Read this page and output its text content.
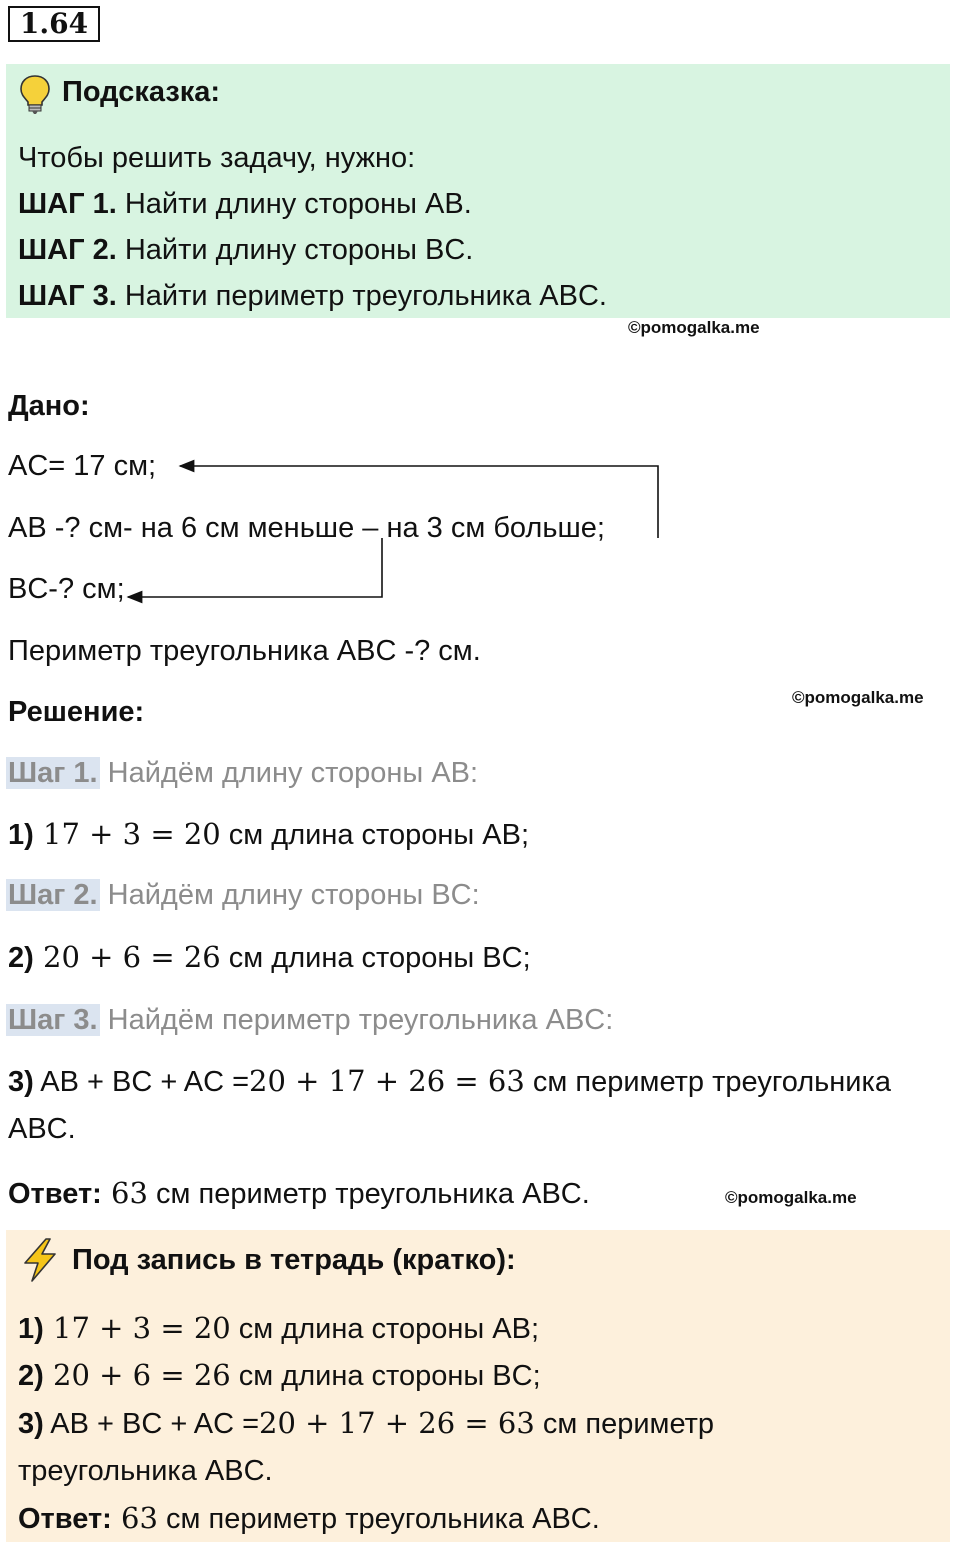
1.64
Подсказка:
Чтобы решить задачу, нужно:
ШАГ 1. Найти длину стороны AB.
ШАГ 2. Найти длину стороны BC.
ШАГ 3. Найти периметр треугольника ABC.
©pomogalka.me
Дано:
AC= 17 см;
AB -? см- на 6 см меньше – на 3 см больше;
BC-? см;
Периметр треугольника ABC -? см.
Решение:	©pomogalka.me
Шаг 1. Найдём длину стороны AB:
1) 17 + 3 = 20 см длина стороны AB;
Шаг 2. Найдём длину стороны BC:
2) 20 + 6 = 26 см длина стороны BC;
Шаг 3. Найдём периметр треугольника ABC:
3) AB + BC + AC =20 + 17 + 26 = 63 см периметр треугольника
ABC.
Ответ: 63 см периметр треугольника ABC.	©pomogalka.me
Под запись в тетрадь (кратко):
1) 17 + 3 = 20 см длина стороны AB;
2) 20 + 6 = 26 см длина стороны BC;
3) AB + BC + AC =20 + 17 + 26 = 63 см периметр
треугольника ABC.
Ответ: 63 см периметр треугольника ABC.
